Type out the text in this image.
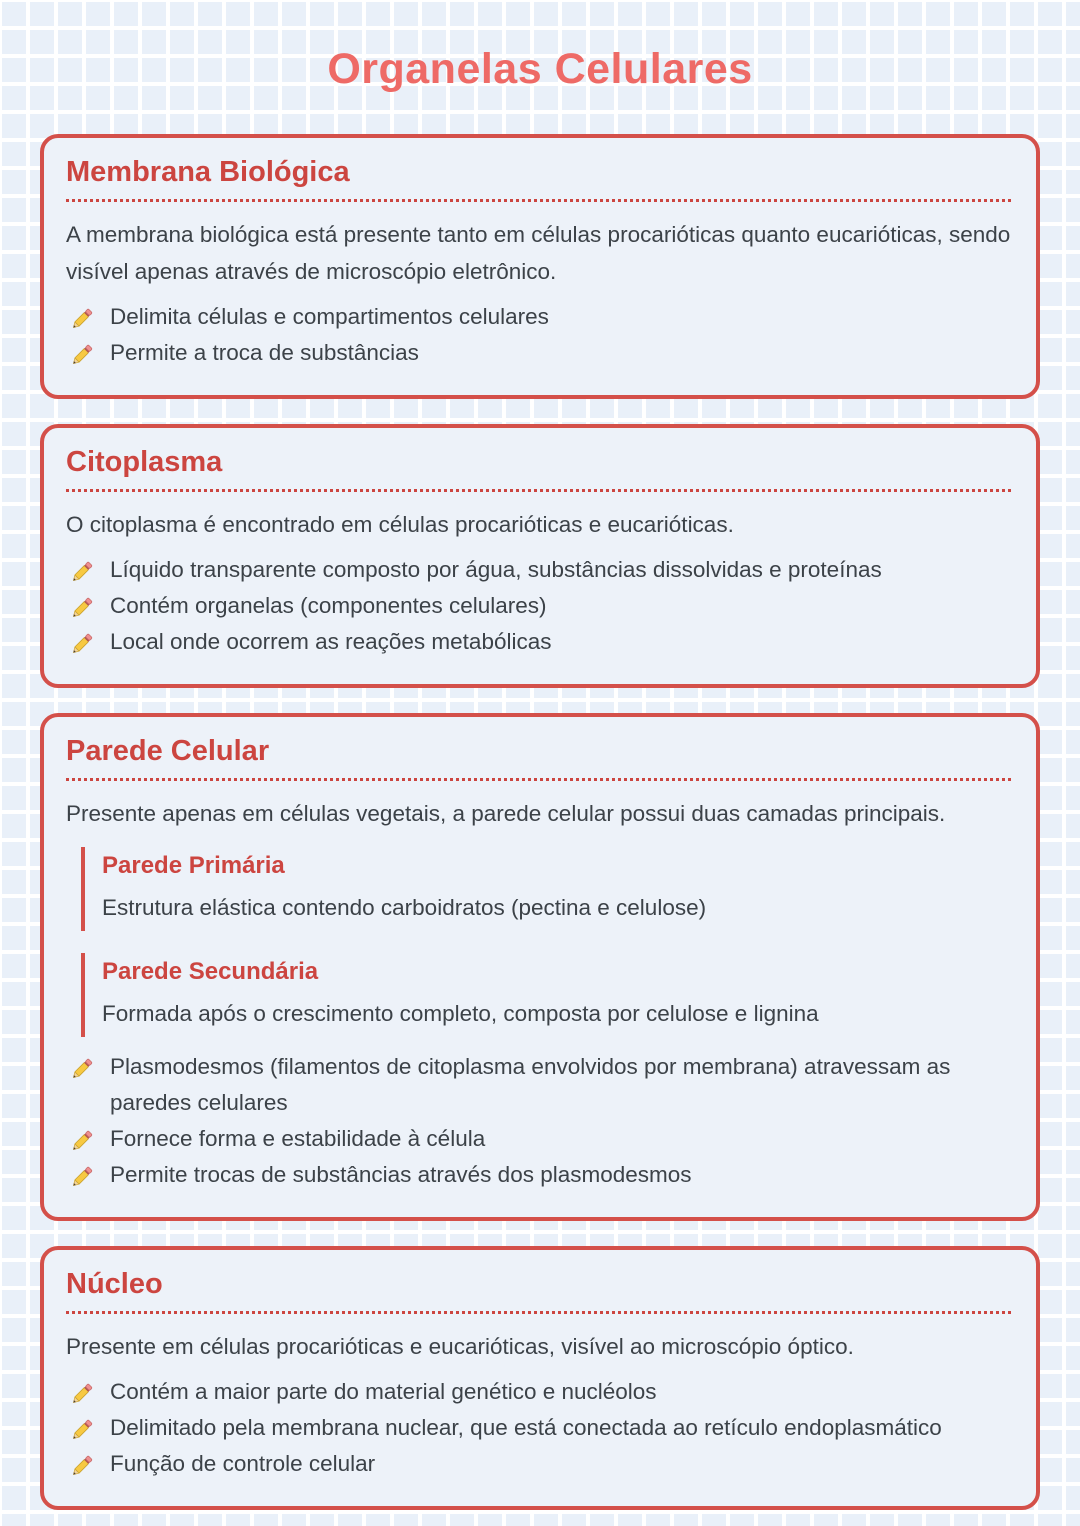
Organelas Celulares
Membrana Biológica

A membrana biológica está presente tanto em células procarióticas quanto eucarióticas, sendo visível apenas através de microscópio eletrônico.

Delimita células e compartimentos celulares
Permite a troca de substâncias
Citoplasma

O citoplasma é encontrado em células procarióticas e eucarióticas.

Líquido transparente composto por água, substâncias dissolvidas e proteínas
Contém organelas (componentes celulares)
Local onde ocorrem as reações metabólicas
Parede Celular

Presente apenas em células vegetais, a parede celular possui duas camadas principais.

Parede Primária

Estrutura elástica contendo carboidratos (pectina e celulose)

Parede Secundária

Formada após o crescimento completo, composta por celulose e lignina

Plasmodesmos (filamentos de citoplasma envolvidos por membrana) atravessam as paredes celulares
Fornece forma e estabilidade à célula
Permite trocas de substâncias através dos plasmodesmos
Núcleo

Presente em células procarióticas e eucarióticas, visível ao microscópio óptico.

Contém a maior parte do material genético e nucléolos
Delimitado pela membrana nuclear, que está conectada ao retículo endoplasmático
Função de controle celular
